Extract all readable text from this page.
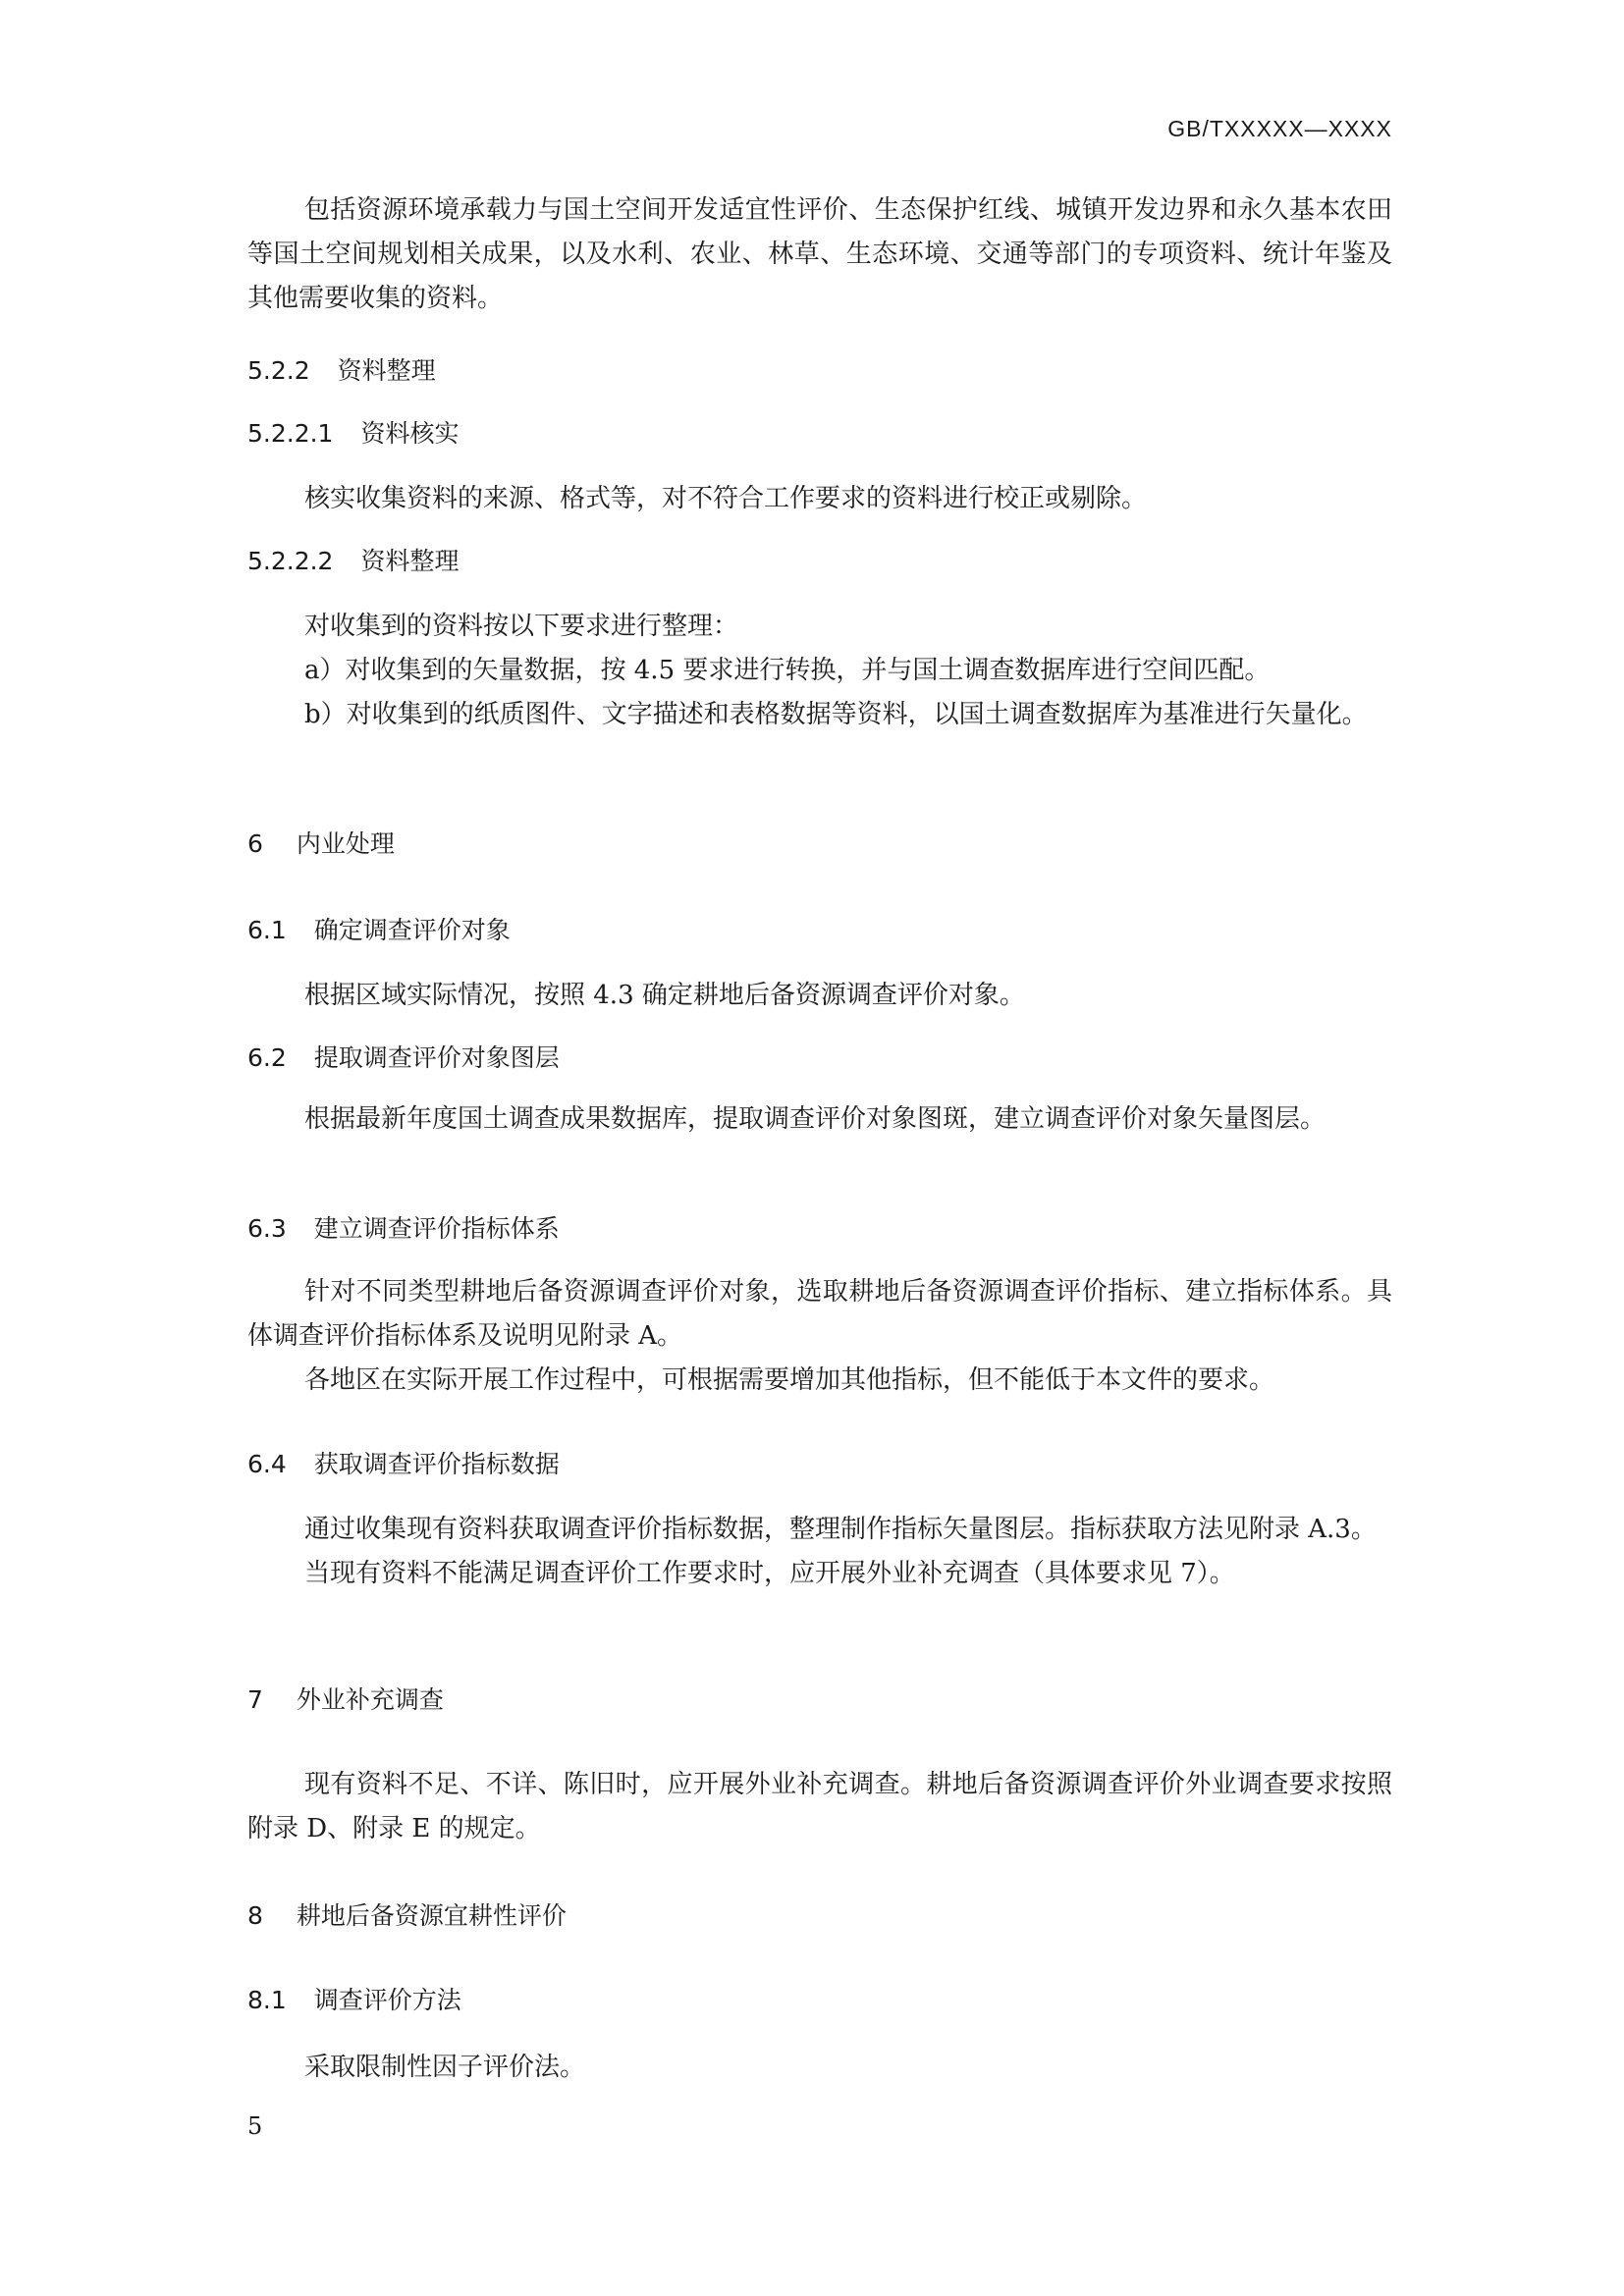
GB/TXXXXX—XXXX

包括资源环境承载力与国土空间开发适宜性评价、生态保护红线、城镇开发边界和永久基本农田等国土空间规划相关成果，以及水利、农业、林草、生态环境、交通等部门的专项资料、统计年鉴及其他需要收集的资料。

5.2.2 资料整理

5.2.2.1 资料核实

核实收集资料的来源、格式等，对不符合工作要求的资料进行校正或剔除。

5.2.2.2 资料整理

对收集到的资料按以下要求进行整理：

a）对收集到的矢量数据，按 4.5 要求进行转换，并与国土调查数据库进行空间匹配。

b）对收集到的纸质图件、文字描述和表格数据等资料，以国土调查数据库为基准进行矢量化。

6 内业处理

6.1 确定调查评价对象

根据区域实际情况，按照 4.3 确定耕地后备资源调查评价对象。

6.2 提取调查评价对象图层

根据最新年度国土调查成果数据库，提取调查评价对象图斑，建立调查评价对象矢量图层。

6.3 建立调查评价指标体系

针对不同类型耕地后备资源调查评价对象，选取耕地后备资源调查评价指标、建立指标体系。具体调查评价指标体系及说明见附录 A。

各地区在实际开展工作过程中，可根据需要增加其他指标，但不能低于本文件的要求。

6.4 获取调查评价指标数据

通过收集现有资料获取调查评价指标数据，整理制作指标矢量图层。指标获取方法见附录 A.3。

当现有资料不能满足调查评价工作要求时，应开展外业补充调查（具体要求见 7）。

7 外业补充调查

现有资料不足、不详、陈旧时，应开展外业补充调查。耕地后备资源调查评价外业调查要求按照附录 D、附录 E 的规定。

8 耕地后备资源宜耕性评价

8.1 调查评价方法

采取限制性因子评价法。

5
